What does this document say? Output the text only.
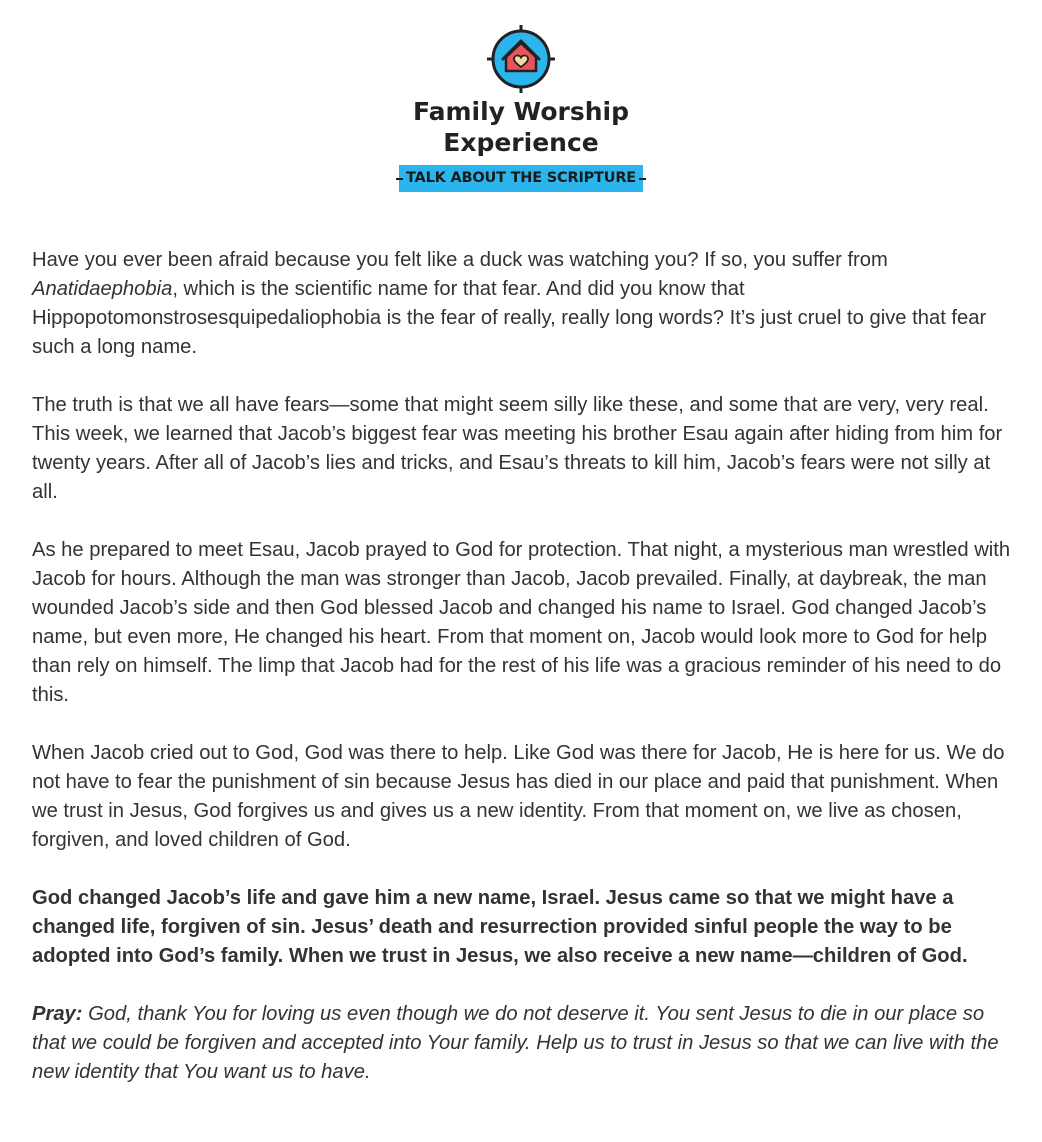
Family Worship
Experience
TALK ABOUT THE SCRIPTURE

Have you ever been afraid because you felt like a duck was watching you? If so, you suffer from Anatidaephobia, which is the scientific name for that fear. And did you know that Hippopotomonstrosesquipedaliophobia is the fear of really, really long words? It’s just cruel to give that fear such a long name.

The truth is that we all have fears—some that might seem silly like these, and some that are very, very real. This week, we learned that Jacob’s biggest fear was meeting his brother Esau again after hiding from him for twenty years. After all of Jacob’s lies and tricks, and Esau’s threats to kill him, Jacob’s fears were not silly at all.

As he prepared to meet Esau, Jacob prayed to God for protection. That night, a mysterious man wrestled with Jacob for hours. Although the man was stronger than Jacob, Jacob prevailed. Finally, at daybreak, the man wounded Jacob’s side and then God blessed Jacob and changed his name to Israel. God changed Jacob’s name, but even more, He changed his heart. From that moment on, Jacob would look more to God for help than rely on himself. The limp that Jacob had for the rest of his life was a gracious reminder of his need to do this.

When Jacob cried out to God, God was there to help. Like God was there for Jacob, He is here for us. We do not have to fear the punishment of sin because Jesus has died in our place and paid that punishment. When we trust in Jesus, God forgives us and gives us a new identity. From that moment on, we live as chosen, forgiven, and loved children of God.

God changed Jacob’s life and gave him a new name, Israel. Jesus came so that we might have a changed life, forgiven of sin. Jesus’ death and resurrection provided sinful people the way to be adopted into God’s family. When we trust in Jesus, we also receive a new name—children of God.

Pray: God, thank You for loving us even though we do not deserve it. You sent Jesus to die in our place so that we could be forgiven and accepted into Your family. Help us to trust in Jesus so that we can live with the new identity that You want us to have.
